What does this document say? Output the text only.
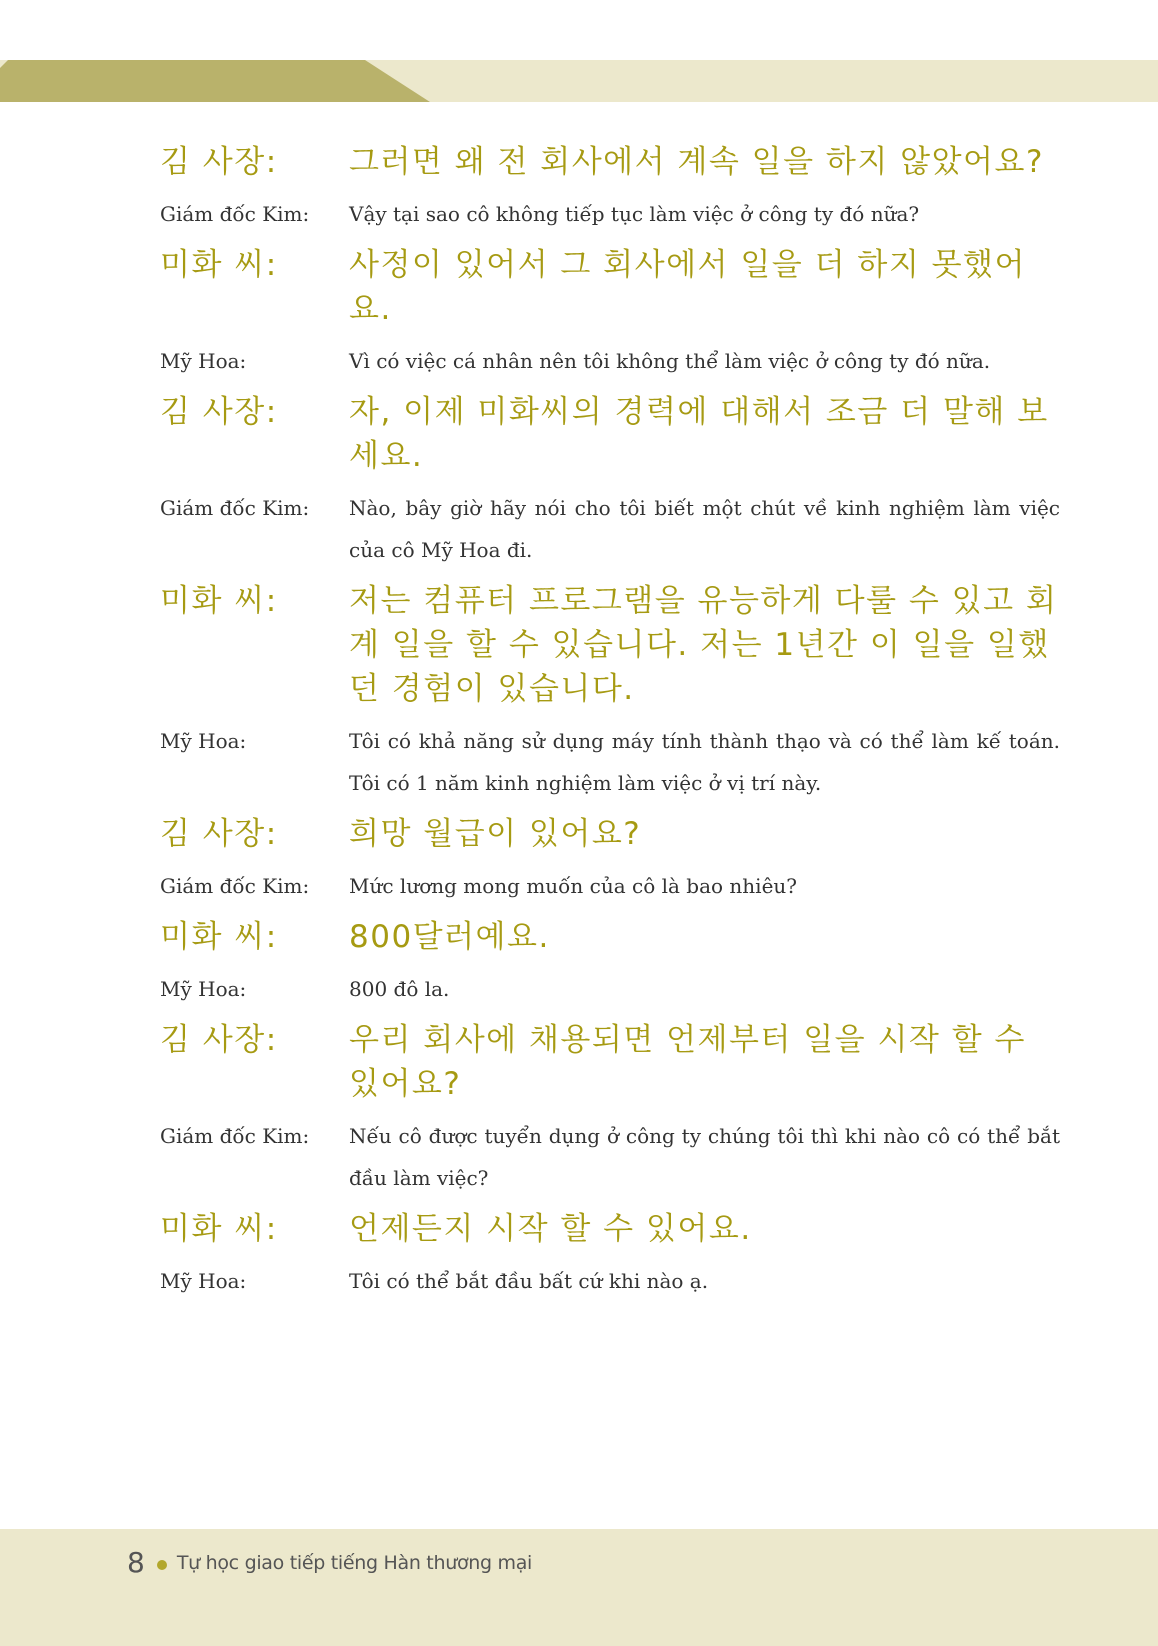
김 사장:	그러면 왜 전 회사에서 계속 일을 하지 않았어요?
Giám đốc Kim:	Vậy tại sao cô không tiếp tục làm việc ở công ty đó nữa?
미화 씨:	사정이 있어서 그 회사에서 일을 더 하지 못했어요.
Mỹ Hoa:	Vì có việc cá nhân nên tôi không thể làm việc ở công ty đó nữa.
김 사장:	자, 이제 미화씨의 경력에 대해서 조금 더 말해 보세요.
Giám đốc Kim:	Nào, bây giờ hãy nói cho tôi biết một chút về kinh nghiệm làm việc của cô Mỹ Hoa đi.
미화 씨:	저는 컴퓨터 프로그램을 유능하게 다룰 수 있고 회계 일을 할 수 있습니다. 저는 1년간 이 일을 일했던 경험이 있습니다.
Mỹ Hoa:	Tôi có khả năng sử dụng máy tính thành thạo và có thể làm kế toán. Tôi có 1 năm kinh nghiệm làm việc ở vị trí này.
김 사장:	희망 월급이 있어요?
Giám đốc Kim:	Mức lương mong muốn của cô là bao nhiêu?
미화 씨:	800달러예요.
Mỹ Hoa:	800 đô la.
김 사장:	우리 회사에 채용되면 언제부터 일을 시작 할 수 있어요?
Giám đốc Kim:	Nếu cô được tuyển dụng ở công ty chúng tôi thì khi nào cô có thể bắt đầu làm việc?
미화 씨:	언제든지 시작 할 수 있어요.
Mỹ Hoa:	Tôi có thể bắt đầu bất cứ khi nào ạ.
8 Tự học giao tiếp tiếng Hàn thương mại
